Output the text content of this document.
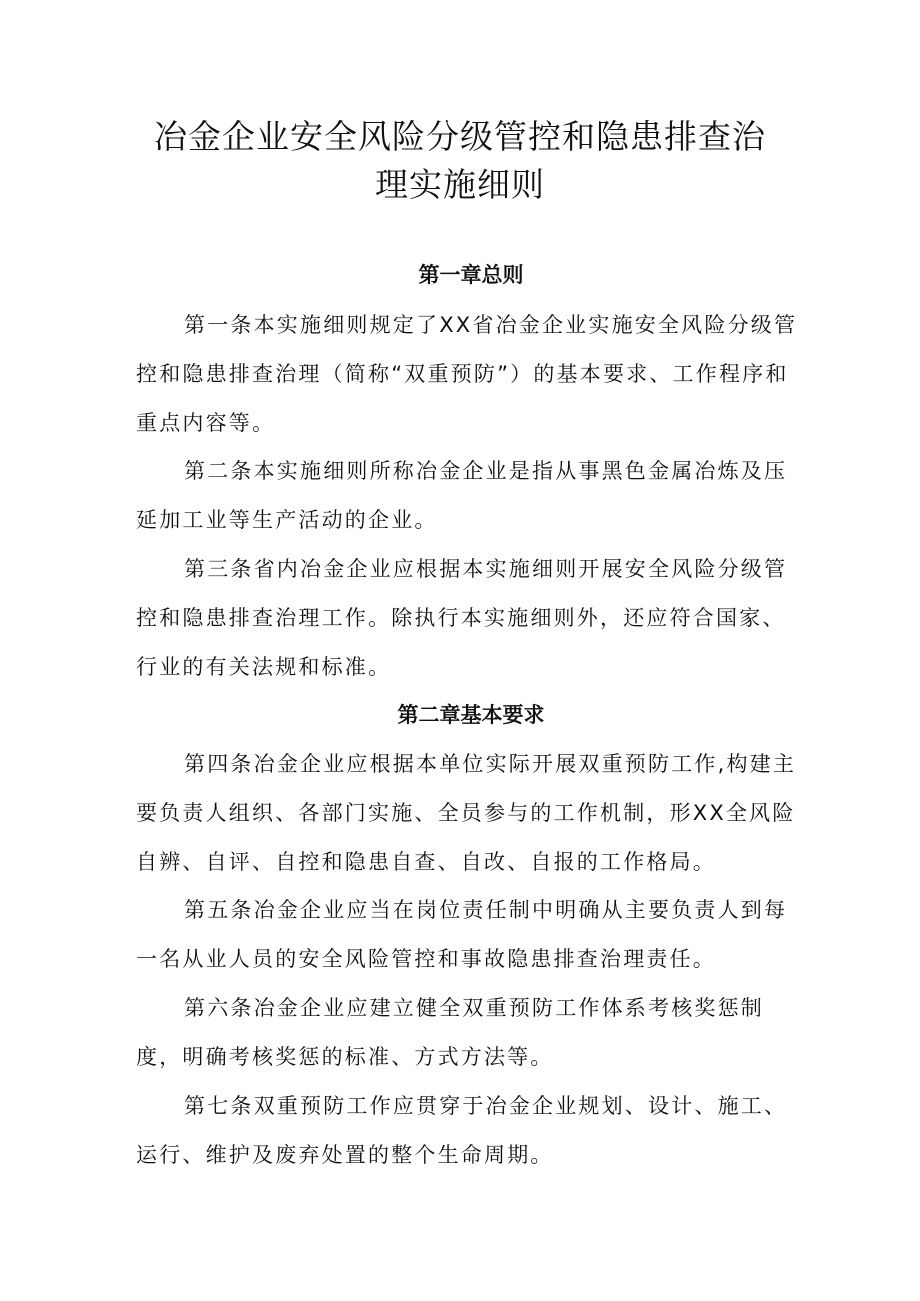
冶金企业安全风险分级管控和隐患排查治
理实施细则
第一章总则

第一条本实施细则规定了XX省冶金企业实施安全风险分级管控和隐患排查治理（简称“双重预防”）的基本要求、工作程序和重点内容等。

第二条本实施细则所称冶金企业是指从事黑色金属冶炼及压延加工业等生产活动的企业。

第三条省内冶金企业应根据本实施细则开展安全风险分级管控和隐患排查治理工作。除执行本实施细则外，还应符合国家、行业的有关法规和标准。

第二章基本要求

第四条冶金企业应根据本单位实际开展双重预防工作,构建主要负责人组织、各部门实施、全员参与的工作机制，形XX全风险自辨、自评、自控和隐患自查、自改、自报的工作格局。

第五条冶金企业应当在岗位责任制中明确从主要负责人到每一名从业人员的安全风险管控和事故隐患排查治理责任。

第六条冶金企业应建立健全双重预防工作体系考核奖惩制度，明确考核奖惩的标准、方式方法等。

第七条双重预防工作应贯穿于冶金企业规划、设计、施工、运行、维护及废弃处置的整个生命周期。
